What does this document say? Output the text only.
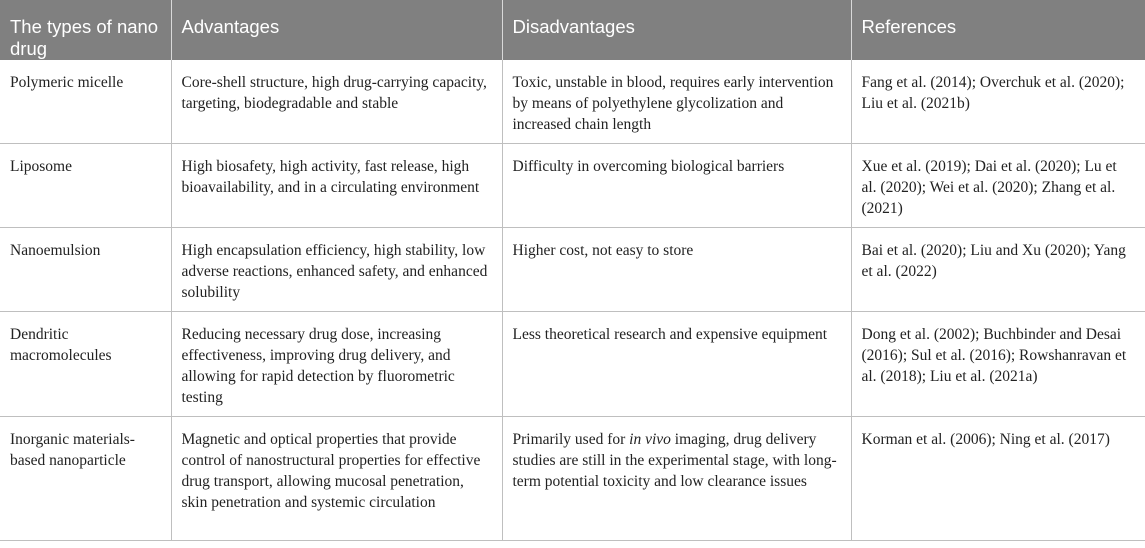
The types of nano drug	Advantages	Disadvantages	References
Polymeric micelle	Core-shell structure, high drug-carrying capacity, targeting, biodegradable and stable	Toxic, unstable in blood, requires early intervention by means of polyethylene glycolization and increased chain length	Fang et al. (2014); Overchuk et al. (2020); Liu et al. (2021b)
Liposome	High biosafety, high activity, fast release, high bioavailability, and in a circulating environment	Difficulty in overcoming biological barriers	Xue et al. (2019); Dai et al. (2020); Lu et al. (2020); Wei et al. (2020); Zhang et al. (2021)
Nanoemulsion	High encapsulation efficiency, high stability, low adverse reactions, enhanced safety, and enhanced solubility	Higher cost, not easy to store	Bai et al. (2020); Liu and Xu (2020); Yang et al. (2022)
Dendritic macromolecules	Reducing necessary drug dose, increasing effectiveness, improving drug delivery, and allowing for rapid detection by fluorometric testing	Less theoretical research and expensive equipment	Dong et al. (2002); Buchbinder and Desai (2016); Sul et al. (2016); Rowshanravan et al. (2018); Liu et al. (2021a)
Inorganic materials-based nanoparticle	Magnetic and optical properties that provide control of nanostructural properties for effective drug transport, allowing mucosal penetration, skin penetration and systemic circulation	Primarily used for in vivo imaging, drug delivery studies are still in the experimental stage, with long-term potential toxicity and low clearance issues	Korman et al. (2006); Ning et al. (2017)
